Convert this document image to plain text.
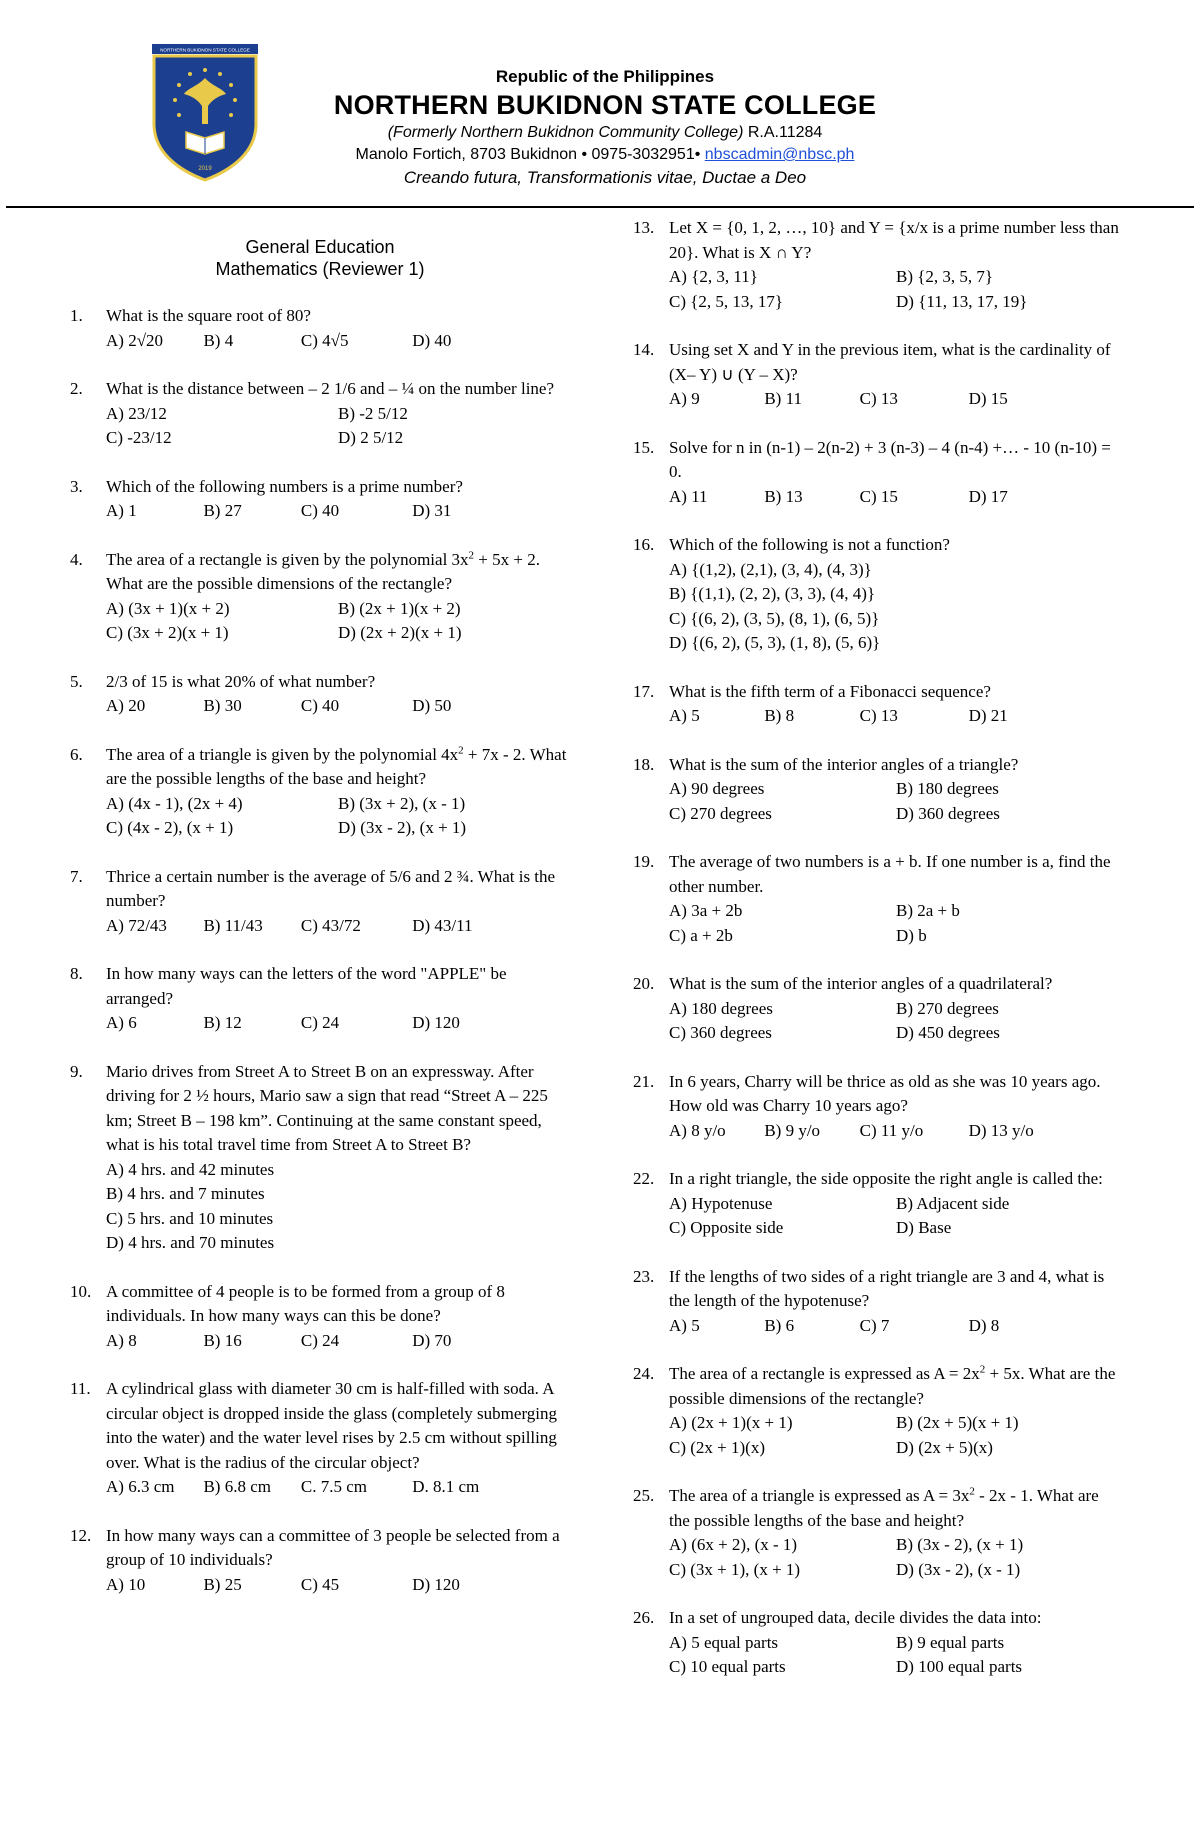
NORTHERN BUKIDNON STATE COLLEGE
2019
Republic of the Philippines
NORTHERN BUKIDNON STATE COLLEGE
(Formerly Northern Bukidnon Community College) R.A.11284
Manolo Fortich, 8703 Bukidnon • 0975-3032951• nbscadmin@nbsc.ph
Creando futura, Transformationis vitae, Ductae a Deo
General Education
Mathematics (Reviewer 1)
1. What is the square root of 80?
A) 2√20	B) 4	C) 4√5	D) 40
2. What is the distance between – 2 1/6 and – ¼ on the number line?
A) 23/12	B) -2 5/12
C) -23/12	D) 2 5/12
3. Which of the following numbers is a prime number?
A) 1	B) 27	C) 40	D) 31
4. The area of a rectangle is given by the polynomial $3x^2 + 5x + 2$. What are the possible dimensions of the rectangle?
A) (3x + 1)(x + 2)	B) (2x + 1)(x + 2)
C) (3x + 2)(x + 1)	D) (2x + 2)(x + 1)
5. 2/3 of 15 is what 20% of what number?
A) 20	B) 30	C) 40	D) 50
6. The area of a triangle is given by the polynomial $4x^2 + 7x - 2$. What are the possible lengths of the base and height?
A) (4x - 1), (2x + 4)	B) (3x + 2), (x - 1)
C) (4x - 2), (x + 1)	D) (3x - 2), (x + 1)
7. Thrice a certain number is the average of 5/6 and 2 ¾. What is the number?
A) 72/43	B) 11/43	C) 43/72	D) 43/11
8. In how many ways can the letters of the word "APPLE" be arranged?
A) 6	B) 12	C) 24	D) 120
9. Mario drives from Street A to Street B on an expressway. After driving for 2 ½ hours, Mario saw a sign that read “Street A – 225 km; Street B – 198 km”. Continuing at the same constant speed, what is his total travel time from Street A to Street B?
A) 4 hrs. and 42 minutes
B) 4 hrs. and 7 minutes
C) 5 hrs. and 10 minutes
D) 4 hrs. and 70 minutes
10. A committee of 4 people is to be formed from a group of 8 individuals. In how many ways can this be done?
A) 8	B) 16	C) 24	D) 70
11. A cylindrical glass with diameter 30 cm is half-filled with soda. A circular object is dropped inside the glass (completely submerging into the water) and the water level rises by 2.5 cm without spilling over. What is the radius of the circular object?
A) 6.3 cm	B) 6.8 cm	C. 7.5 cm	D. 8.1 cm
12. In how many ways can a committee of 3 people be selected from a group of 10 individuals?
A) 10	B) 25	C) 45	D) 120
13. Let X = {0, 1, 2, …, 10} and Y = {x/x is a prime number less than 20}. What is X ∩ Y?
A) {2, 3, 11}	B) {2, 3, 5, 7}
C) {2, 5, 13, 17}	D) {11, 13, 17, 19}
14. Using set X and Y in the previous item, what is the cardinality of (X– Y) ∪ (Y – X)?
A) 9	B) 11	C) 13	D) 15
15. Solve for n in (n-1) – 2(n-2) + 3 (n-3) – 4 (n-4) +… - 10 (n-10) = 0.
A) 11	B) 13	C) 15	D) 17
16. Which of the following is not a function?
A) {(1,2), (2,1), (3, 4), (4, 3)}
B) {(1,1), (2, 2), (3, 3), (4, 4)}
C) {(6, 2), (3, 5), (8, 1), (6, 5)}
D) {(6, 2), (5, 3), (1, 8), (5, 6)}
17. What is the fifth term of a Fibonacci sequence?
A) 5	B) 8	C) 13	D) 21
18. What is the sum of the interior angles of a triangle?
A) 90 degrees	B) 180 degrees
C) 270 degrees	D) 360 degrees
19. The average of two numbers is a + b. If one number is a, find the other number.
A) 3a + 2b	B) 2a + b
C) a + 2b	D) b
20. What is the sum of the interior angles of a quadrilateral?
A) 180 degrees	B) 270 degrees
C) 360 degrees	D) 450 degrees
21. In 6 years, Charry will be thrice as old as she was 10 years ago. How old was Charry 10 years ago?
A) 8 y/o	B) 9 y/o	C) 11 y/o	D) 13 y/o
22. In a right triangle, the side opposite the right angle is called the:
A) Hypotenuse	B) Adjacent side
C) Opposite side	D) Base
23. If the lengths of two sides of a right triangle are 3 and 4, what is the length of the hypotenuse?
A) 5	B) 6	C) 7	D) 8
24. The area of a rectangle is expressed as $A = 2x^2 + 5x$. What are the possible dimensions of the rectangle?
A) (2x + 1)(x + 1)	B) (2x + 5)(x + 1)
C) (2x + 1)(x)	D) (2x + 5)(x)
25. The area of a triangle is expressed as $A = 3x^2 - 2x - 1$. What are the possible lengths of the base and height?
A) (6x + 2), (x - 1)	B) (3x - 2), (x + 1)
C) (3x + 1), (x + 1)	D) (3x - 2), (x - 1)
26. In a set of ungrouped data, decile divides the data into:
A) 5 equal parts	B) 9 equal parts
C) 10 equal parts	D) 100 equal parts
